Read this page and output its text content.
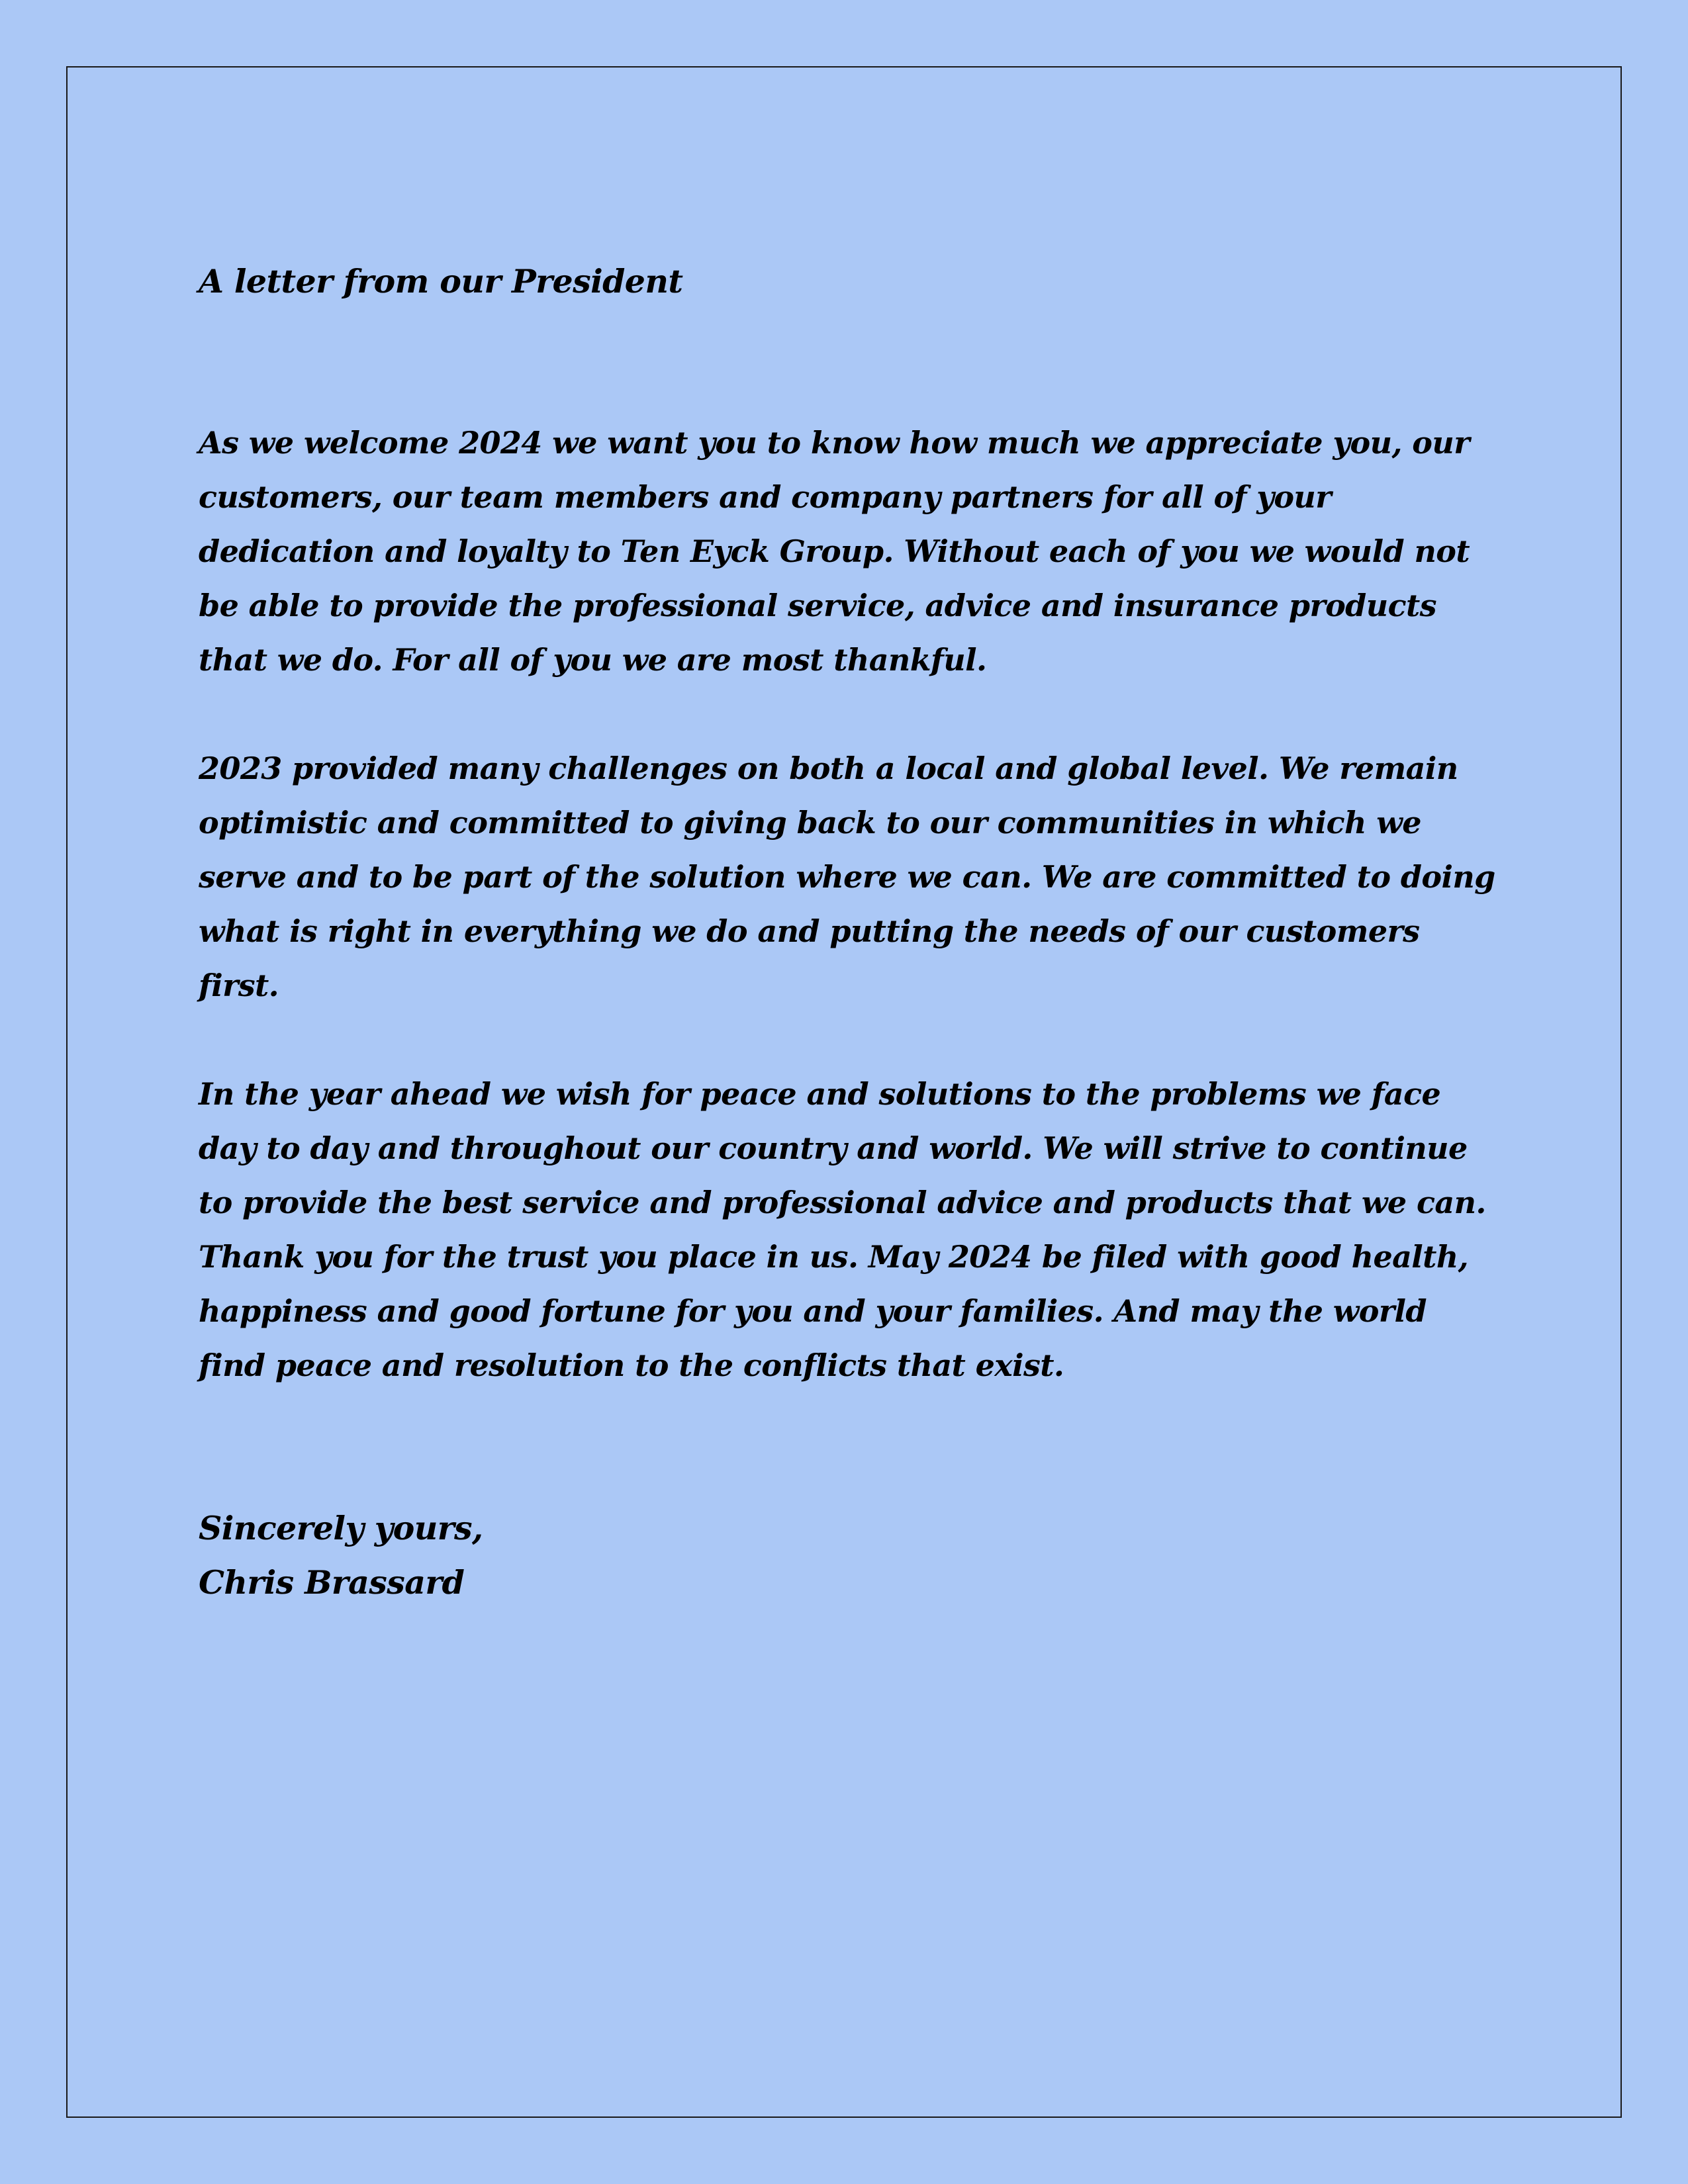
A letter from our President

As we welcome 2024 we want you to know how much we appreciate you, our customers, our team members and company partners for all of your dedication and loyalty to Ten Eyck Group. Without each of you we would not be able to provide the professional service, advice and insurance products that we do. For all of you we are most thankful.

2023 provided many challenges on both a local and global level. We remain optimistic and committed to giving back to our communities in which we serve and to be part of the solution where we can. We are committed to doing what is right in everything we do and putting the needs of our customers first.

In the year ahead we wish for peace and solutions to the problems we face day to day and throughout our country and world. We will strive to continue to provide the best service and professional advice and products that we can. Thank you for the trust you place in us. May 2024 be filed with good health, happiness and good fortune for you and your families. And may the world find peace and resolution to the conflicts that exist.

Sincerely yours,
Chris Brassard
